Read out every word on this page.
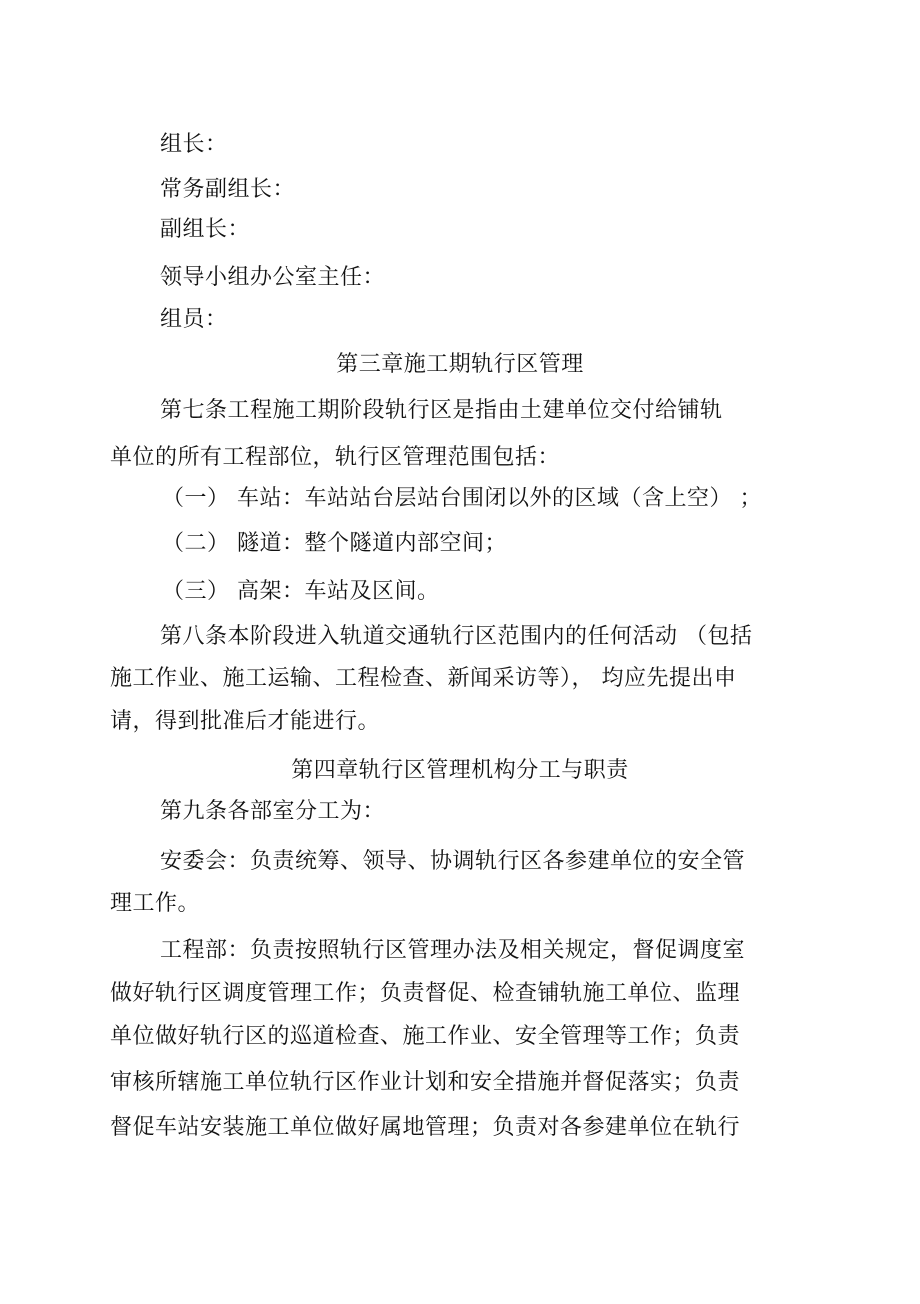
组长：
常务副组长：
副组长：
领导小组办公室主任：
组员：
第三章施工期轨行区管理
第七条工程施工期阶段轨行区是指由土建单位交付给铺轨
单位的所有工程部位，轨行区管理范围包括：
（一） 车站：车站站台层站台围闭以外的区域（含上空） ；
（二） 隧道：整个隧道内部空间；
（三） 高架：车站及区间。
第八条本阶段进入轨道交通轨行区范围内的任何活动 （包括
施工作业、施工运输、工程检查、新闻采访等）， 均应先提出申
请，得到批准后才能进行。
第四章轨行区管理机构分工与职责
第九条各部室分工为：
安委会：负责统筹、领导、协调轨行区各参建单位的安全管
理工作。
工程部：负责按照轨行区管理办法及相关规定，督促调度室
做好轨行区调度管理工作；负责督促、检查铺轨施工单位、监理
单位做好轨行区的巡道检查、施工作业、安全管理等工作；负责
审核所辖施工单位轨行区作业计划和安全措施并督促落实；负责
督促车站安装施工单位做好属地管理；负责对各参建单位在轨行
